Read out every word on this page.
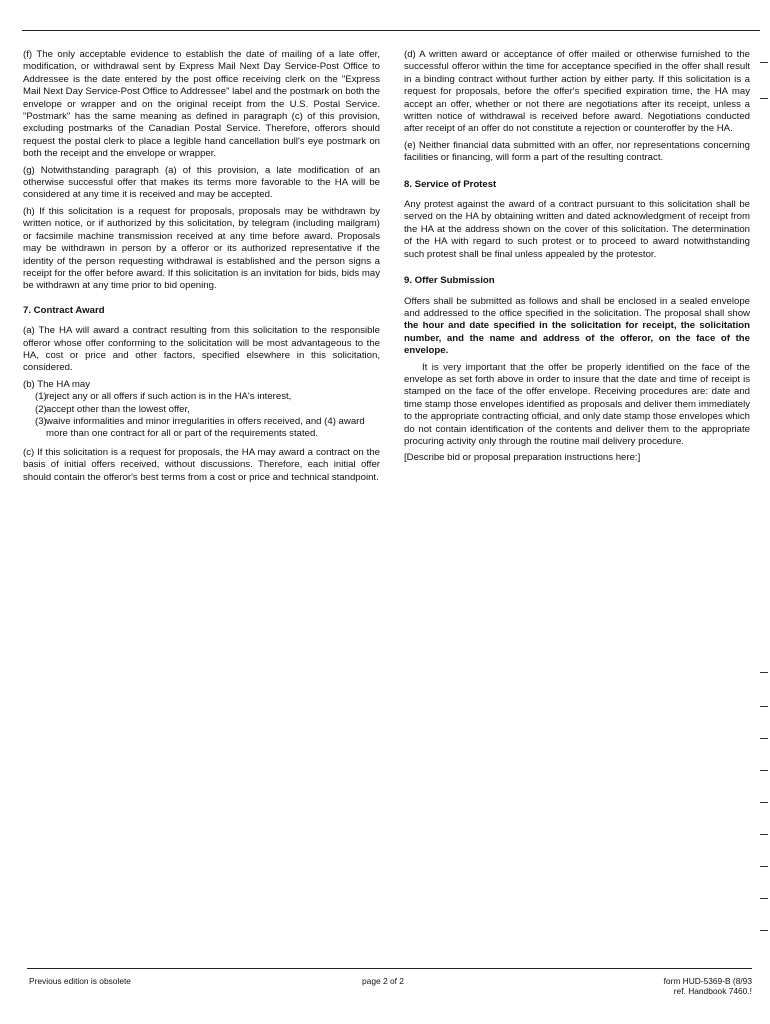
(f) The only acceptable evidence to establish the date of mailing of a late offer, modification, or withdrawal sent by Express Mail Next Day Service-Post Office to Addressee is the date entered by the post office receiving clerk on the "Express Mail Next Day Service-Post Office to Addressee" label and the postmark on both the envelope or wrapper and on the original receipt from the U.S. Postal Service. "Postmark" has the same meaning as defined in paragraph (c) of this provision, excluding postmarks of the Canadian Postal Service. Therefore, offerors should request the postal clerk to place a legible hand cancellation bull's eye postmark on both the receipt and the envelope or wrapper.

(g) Notwithstanding paragraph (a) of this provision, a late modification of an otherwise successful offer that makes its terms more favorable to the HA will be considered at any time it is received and may be accepted.

(h) If this solicitation is a request for proposals, proposals may be withdrawn by written notice, or if authorized by this solicitation, by telegram (including mailgram) or facsimile machine transmission received at any time before award. Proposals may be withdrawn in person by a offeror or its authorized representative if the identity of the person requesting withdrawal is established and the person signs a receipt for the offer before award. If this solicitation is an invitation for bids, bids may be withdrawn at any time prior to bid opening.

7. Contract Award

(a) The HA will award a contract resulting from this solicitation to the responsible offeror whose offer conforming to the solicitation will be most advantageous to the HA, cost or price and other factors, specified elsewhere in this solicitation, considered.

(b) The HA may

(1) reject any or all offers if such action is in the HA's interest,
(2) accept other than the lowest offer,
(3) waive informalities and minor irregularities in offers received, and (4) award more than one contract for all or part of the requirements stated.

(c) If this solicitation is a request for proposals, the HA may award a contract on the basis of initial offers received, without discussions. Therefore, each initial offer should contain the offeror's best terms from a cost or price and technical standpoint.

(d) A written award or acceptance of offer mailed or otherwise furnished to the successful offeror within the time for acceptance specified in the offer shall result in a binding contract without further action by either party. If this solicitation is a request for proposals, before the offer's specified expiration time, the HA may accept an offer, whether or not there are negotiations after its receipt, unless a written notice of withdrawal is received before award. Negotiations conducted after receipt of an offer do not constitute a rejection or counteroffer by the HA.

(e) Neither financial data submitted with an offer, nor representations concerning facilities or financing, will form a part of the resulting contract.

8. Service of Protest

Any protest against the award of a contract pursuant to this solicitation shall be served on the HA by obtaining written and dated acknowledgment of receipt from the HA at the address shown on the cover of this solicitation. The determination of the HA with regard to such protest or to proceed to award notwithstanding such protest shall be final unless appealed by the protestor.

9. Offer Submission

Offers shall be submitted as follows and shall be enclosed in a sealed envelope and addressed to the office specified in the solicitation. The proposal shall show the hour and date specified in the solicitation for receipt, the solicitation number, and the name and address of the offeror, on the face of the envelope.

It is very important that the offer be properly identified on the face of the envelope as set forth above in order to insure that the date and time of receipt is stamped on the face of the offer envelope. Receiving procedures are: date and time stamp those envelopes identified as proposals and deliver them immediately to the appropriate contracting official, and only date stamp those envelopes which do not contain identification of the contents and deliver them to the appropriate procuring activity only through the routine mail delivery procedure.

[Describe bid or proposal preparation instructions here:]

Previous edition is obsolete	page 2 of 2	form HUD-5369-B (8/93
ref. Handbook 7460.!
